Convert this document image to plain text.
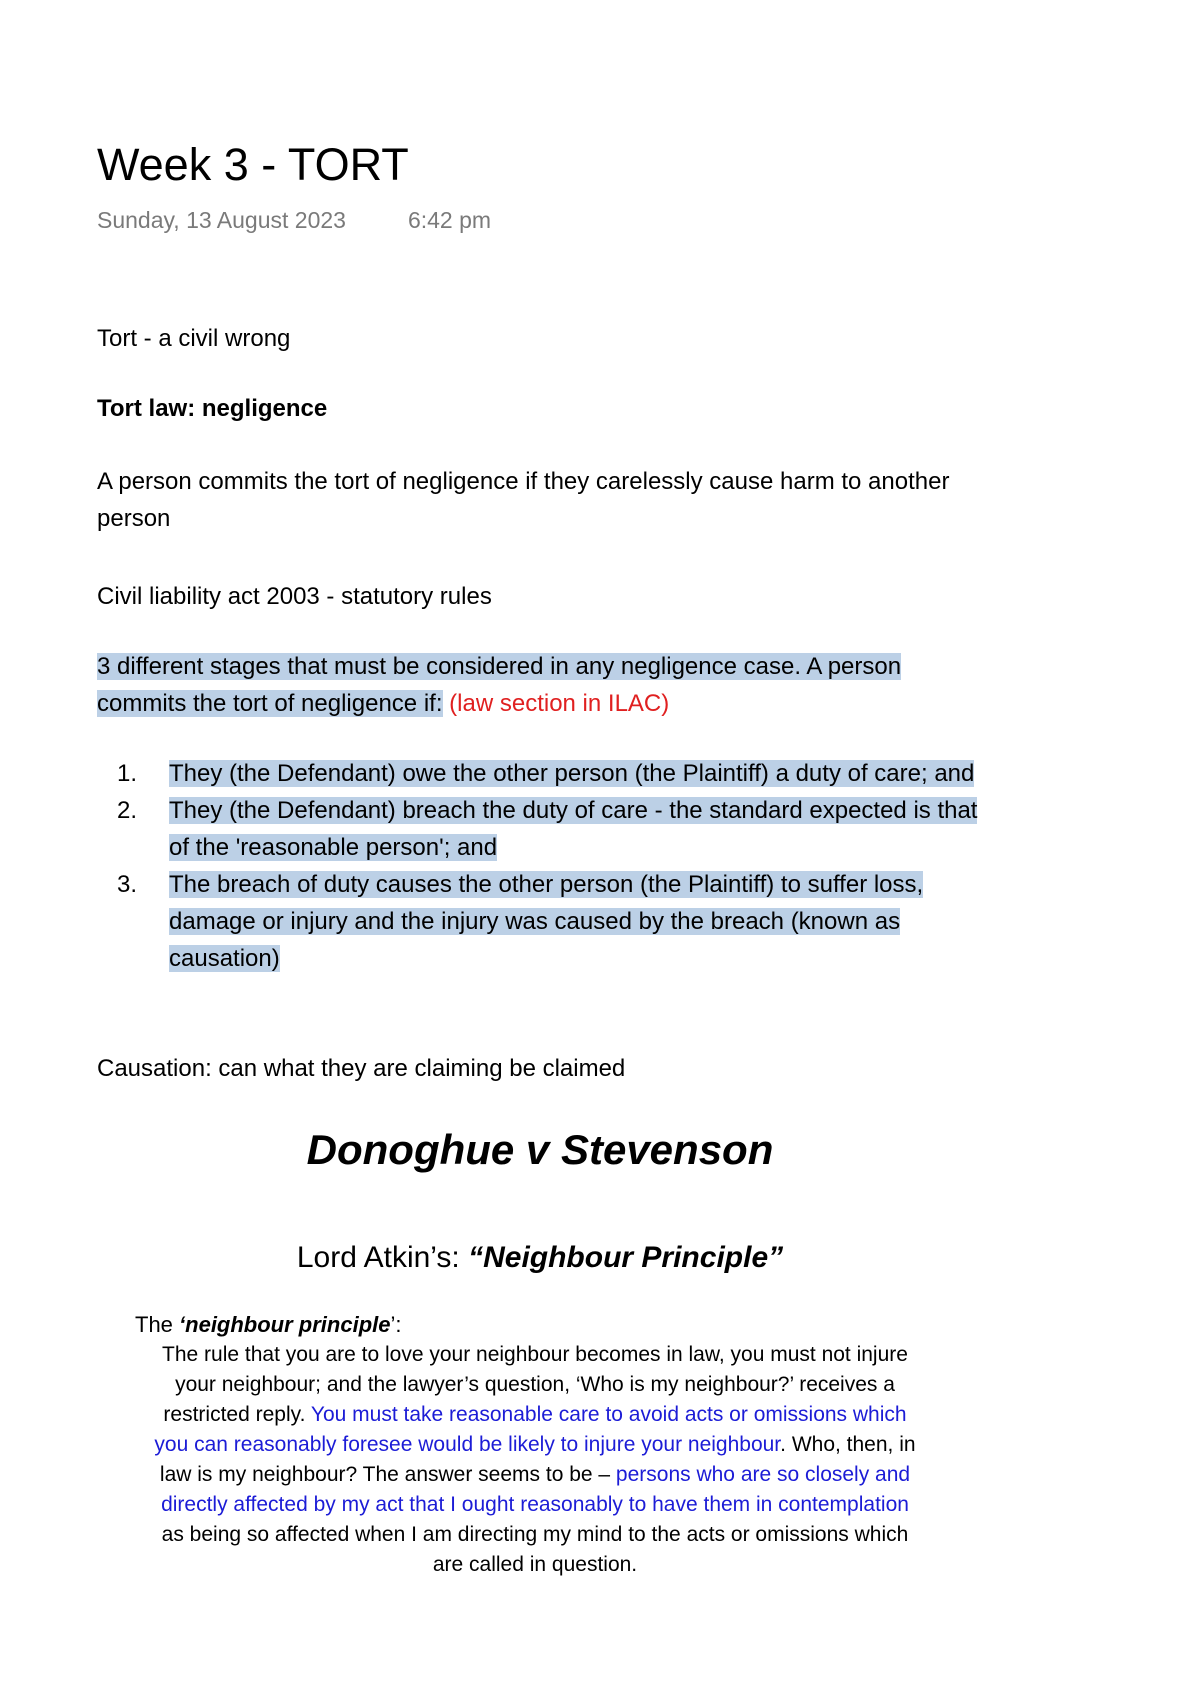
Week 3 - TORT
Sunday, 13 August 2023	6:42 pm
Tort - a civil wrong
Tort law: negligence
A person commits the tort of negligence if they carelessly cause harm to another person
Civil liability act 2003 - statutory rules
3 different stages that must be considered in any negligence case. A person commits the tort of negligence if: (law section in ILAC)
1. They (the Defendant) owe the other person (the Plaintiff) a duty of care; and
2. They (the Defendant) breach the duty of care - the standard expected is that of the 'reasonable person'; and
3. The breach of duty causes the other person (the Plaintiff) to suffer loss, damage or injury and the injury was caused by the breach (known as causation)
Causation: can what they are claiming be claimed
Donoghue v Stevenson
Lord Atkin’s: “Neighbour Principle”
The ‘neighbour principle’:
The rule that you are to love your neighbour becomes in law, you must not injure your neighbour; and the lawyer’s question, ‘Who is my neighbour?’ receives a restricted reply. You must take reasonable care to avoid acts or omissions which you can reasonably foresee would be likely to injure your neighbour. Who, then, in law is my neighbour? The answer seems to be – persons who are so closely and directly affected by my act that I ought reasonably to have them in contemplation as being so affected when I am directing my mind to the acts or omissions which are called in question.
